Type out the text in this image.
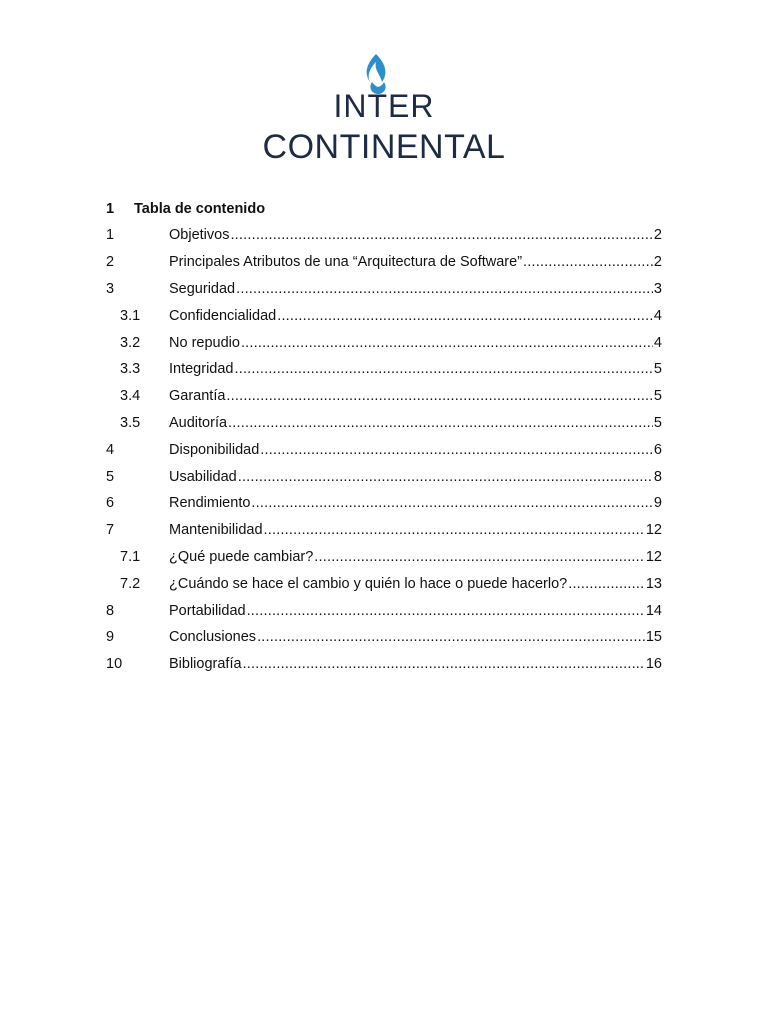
INTER
CONTINENTAL
1	Tabla de contenido
1	Objetivos .....	2
2	Principales Atributos de una “Arquitectura de Software” .....	2
3	Seguridad .....	3
3.1	Confidencialidad .....	4
3.2	No repudio .....	4
3.3	Integridad .....	5
3.4	Garantía .....	5
3.5	Auditoría .....	5
4	Disponibilidad .....	6
5	Usabilidad .....	8
6	Rendimiento .....	9
7	Mantenibilidad .....	12
7.1	¿Qué puede cambiar? .....	12
7.2	¿Cuándo se hace el cambio y quién lo hace o puede hacerlo? .....	13
8	Portabilidad .....	14
9	Conclusiones .....	15
10	Bibliografía .....	16
